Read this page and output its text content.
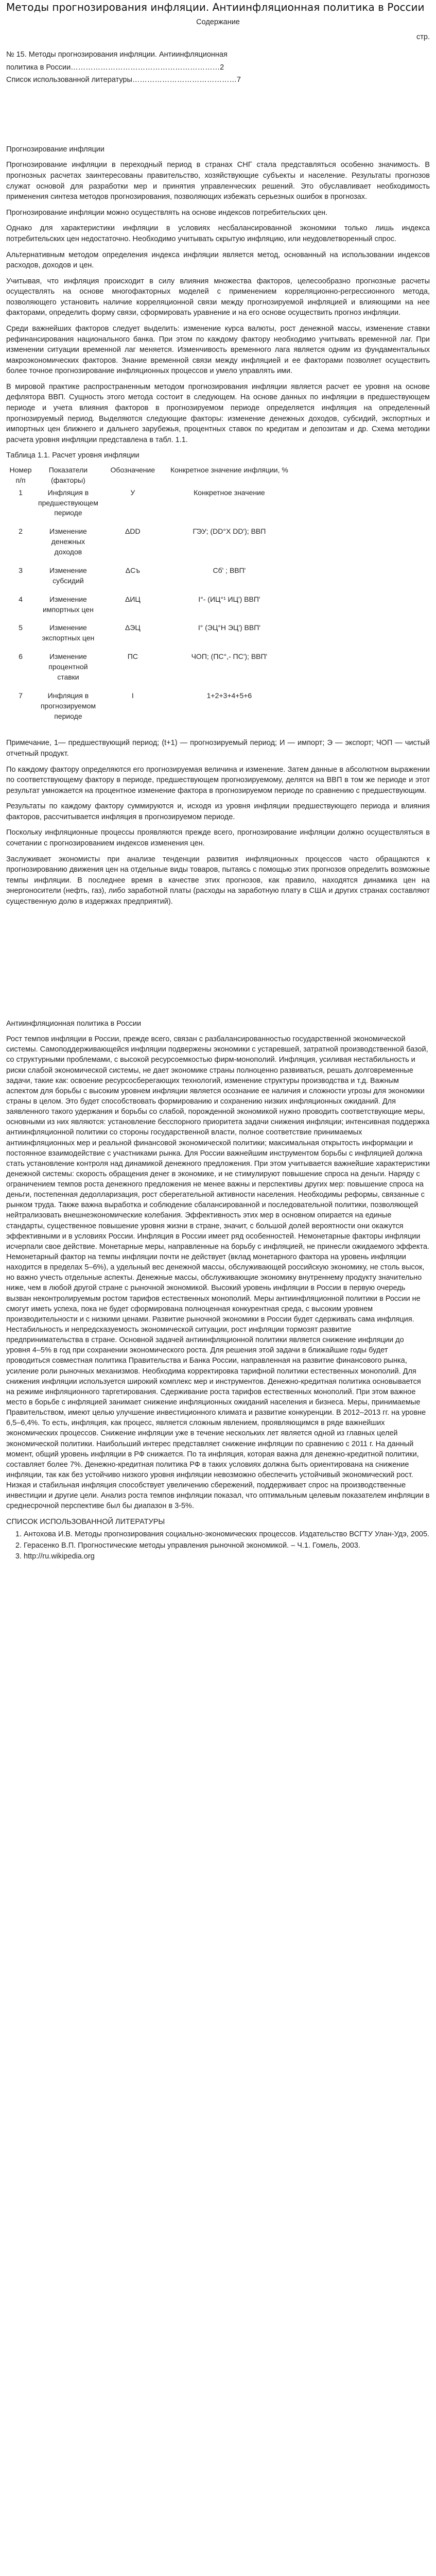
Методы прогнозирования инфляции. Антиинфляционная политика в России
Содержание
стр.
№ 15. Методы прогнозирования инфляции. Антиинфляционная
политика в России……………………………………………………2
Список использованной литературы……………………………………7

Прогнозирование инфляции

Прогнозирование инфляции в переходный период в странах СНГ стала представляться особенно значимость. В прогнозных расчетах заинтересованы правительство, хозяйствующие субъекты и население. Результаты прогнозов служат основой для разработки мер и принятия управленческих решений. Это обуславливает необходимость применения синтеза методов прогнозирования, позволяющих избежать серьезных ошибок в прогнозах.

Прогнозирование инфляции можно осуществлять на основе индексов потребительских цен.

Однако для характеристики инфляции в условиях несбалансированной экономики только лишь индекса потребительских цен недостаточно. Необходимо учитывать скрытую инфляцию, или неудовлетворенный спрос.

Альтернативным методом определения индекса инфляции является метод, основанный на использовании индексов расходов, доходов и цен.

Учитывая, что инфляция происходит в силу влияния множества факторов, целесообразно прогнозные расчеты осуществлять на основе многофакторных моделей с применением корреляционно-регрессионного метода, позволяющего установить наличие корреляционной связи между прогнозируемой инфляцией и влияющими на нее факторами, определить форму связи, сформировать уравнение и на его основе осуществить прогноз инфляции.

Среди важнейших факторов следует выделить: изменение курса валюты, рост денежной массы, изменение ставки рефинансирования национального банка. При этом по каждому фактору необходимо учитывать временной лаг. При изменении ситуации временной лаг меняется. Изменчивость временного лага является одним из фундаментальных макроэкономических факторов. Знание временной связи между инфляцией и ее факторами позволяет осуществить более точное прогнозирование инфляционных процессов и умело управлять ими.

В мировой практике распространенным методом прогнозирования инфляции является расчет ее уровня на основе дефлятора ВВП. Сущность этого метода состоит в следующем. На основе данных по инфляции в предшествующем периоде и учета влияния факторов в прогнозируемом периоде определяется инфляция на определенный прогнозируемый период. Выделяются следующие факторы: изменение денежных доходов, субсидий, экспортных и импортных цен ближнего и дальнего зарубежья, процентных ставок по кредитам и депозитам и др. Схема методики расчета уровня инфляции представлена в табл. 1.1.

Таблица 1.1. Расчет уровня инфляции

Номер п/п	Показатели (факторы)	Обозначение	Конкретное значение инфляции, %
1	Инфляция в предшествующем периоде	У	Конкретное значение
2	Изменение денежных доходов	ΔDD	Г̄ЭУ; (DD°Х DD'); ВВП
3	Изменение субсидий	ΔCъ	Сб' ; ВВП'
4	Изменение импортных цен	ΔИЦ	I°- (ИЦ°¹ ИЦ') ВВП'
5	Изменение экспортных цен	ΔЭЦ	I° (ЭЦ°Н ЭЦ') ВВП'
6	Изменение процентной ставки	ΠС	ЧОП; (ПС°,- ПС'); ВВП'
7	Инфляция в прогнозируемом периоде	I	1+2+3+4+5+6

Примечание, 1— предшествующий период; (t+1) — прогнозируемый период; И — импорт; Э — экспорт; ЧОП — чистый отчетный продукт.

По каждому фактору определяются его прогнозируемая величина и изменение. Затем данные в абсолютном выражении по соответствующему фактору в периоде, предшествующем прогнозируемому, делятся на ВВП в том же периоде и этот результат умножается на процентное изменение фактора в прогнозируемом периоде по сравнению с предшествующим.

Результаты по каждому фактору суммируются и, исходя из уровня инфляции предшествующего периода и влияния факторов, рассчитывается инфляция в прогнозируемом периоде.

Поскольку инфляционные процессы проявляются прежде всего, прогнозирование инфляции должно осуществляться в сочетании с прогнозированием индексов изменения цен.

Заслуживает экономисты при анализе тенденции развития инфляционных процессов часто обращаются к прогнозированию движения цен на отдельные виды товаров, пытаясь с помощью этих прогнозов определить возможные темпы инфляции. В последнее время в качестве этих прогнозов, как правило, находятся динамика цен на энергоносители (нефть, газ), либо заработной платы (расходы на заработную плату в США и других странах составляют существенную долю в издержках предприятий).

Антиинфляционная политика в России

Рост темпов инфляции в России, прежде всего, связан с разбалансированностью государственной экономической системы. Самоподдерживающейся инфляции подвержены экономики с устаревшей, затратной производственной базой, со структурными проблемами, с высокой ресурсоемкостью фирм-монополий. Инфляция, усиливая нестабильность и риски слабой экономической системы, не дает экономике страны полноценно развиваться, решать долговременные задачи, такие как: освоение ресурсосберегающих технологий, изменение структуры производства и т.д. Важным аспектом для борьбы с высоким уровнем инфляции является осознание ее наличия и сложности угрозы для экономики страны в целом. Это будет способствовать формированию и сохранению низких инфляционных ожиданий. Для заявленного такого удержания и борьбы со слабой, порожденной экономикой нужно проводить соответствующие меры, основными из них являются: установление бесспорного приоритета задачи снижения инфляции; интенсивная поддержка антиинфляционной политики со стороны государственной власти, полное соответствие принимаемых антиинфляционных мер и реальной финансовой экономической политики; максимальная открытость информации и постоянное взаимодействие с участниками рынка. Для России важнейшим инструментом борьбы с инфляцией должна стать установление контроля над динамикой денежного предложения. При этом учитывается важнейшие характеристики денежной системы: скорость обращения денег в экономике, и не стимулируют повышение спроса на деньги. Наряду с ограничением темпов роста денежного предложения не менее важны и перспективы других мер: повышение спроса на деньги, постепенная дедолларизация, рост сберегательной активности населения. Необходимы реформы, связанные с рынком труда. Также важна выработка и соблюдение сбалансированной и последовательной политики, позволяющей нейтрализовать внешнеэкономические колебания. Эффективность этих мер в основном опирается на единые стандарты, существенное повышение уровня жизни в стране, значит, с большой долей вероятности они окажутся эффективными и в условиях России. Инфляция в России имеет ряд особенностей. Немонетарные факторы инфляции исчерпали свое действие. Монетарные меры, направленные на борьбу с инфляцией, не принесли ожидаемого эффекта. Немонетарный фактор на темпы инфляции почти не действует (вклад монетарного фактора на уровень инфляции находится в пределах 5–6%), а удельный вес денежной массы, обслуживающей российскую экономику, не столь высок, но важно учесть отдельные аспекты. Денежные массы, обслуживающие экономику внутреннему продукту значительно ниже, чем в любой другой стране с рыночной экономикой. Высокий уровень инфляции в России в первую очередь вызван неконтролируемым ростом тарифов естественных монополий. Меры антиинфляционной политики в России не смогут иметь успеха, пока не будет сформирована полноценная конкурентная среда, с высоким уровнем производительности и с низкими ценами. Развитие рыночной экономики в России будет сдерживать сама инфляция. Нестабильность и непредсказуемость экономической ситуации, рост инфляции тормозят развитие предпринимательства в стране. Основной задачей антиинфляционной политики является снижение инфляции до уровня 4–5% в год при сохранении экономического роста. Для решения этой задачи в ближайшие годы будет проводиться совместная политика Правительства и Банка России, направленная на развитие финансового рынка, усиление роли рыночных механизмов. Необходима корректировка тарифной политики естественных монополий. Для снижения инфляции используется широкий комплекс мер и инструментов. Денежно-кредитная политика основывается на режиме инфляционного таргетирования. Сдерживание роста тарифов естественных монополий. При этом важное место в борьбе с инфляцией занимает снижение инфляционных ожиданий населения и бизнеса. Меры, принимаемые Правительством, имеют целью улучшение инвестиционного климата и развитие конкуренции. В 2012–2013 гг. на уровне 6,5–6,4%. То есть, инфляция, как процесс, является сложным явлением, проявляющимся в ряде важнейших экономических процессов. Снижение инфляции уже в течение нескольких лет является одной из главных целей экономической политики. Наибольший интерес представляет снижение инфляции по сравнению с 2011 г. На данный момент, общий уровень инфляции в РФ снижается. По та инфляция, которая важна для денежно-кредитной политики, составляет более 7%. Денежно-кредитная политика РФ в таких условиях должна быть ориентирована на снижение инфляции, так как без устойчиво низкого уровня инфляции невозможно обеспечить устойчивый экономический рост. Низкая и стабильная инфляция способствует увеличению сбережений, поддерживает спрос на производственные инвестиции и другие цели. Анализ роста темпов инфляции показал, что оптимальным целевым показателем инфляции в среднесрочной перспективе был бы диапазон в 3-5%.

СПИСОК ИСПОЛЬЗОВАННОЙ ЛИТЕРАТУРЫ

1. Антохова И.В. Методы прогнозирования социально-экономических процессов. Издательство ВСГТУ Улан-Удэ, 2005.
2. Герасенко В.П. Прогностические методы управления рыночной экономикой. – Ч.1. Гомель, 2003.
3. http://ru.wikipedia.org
